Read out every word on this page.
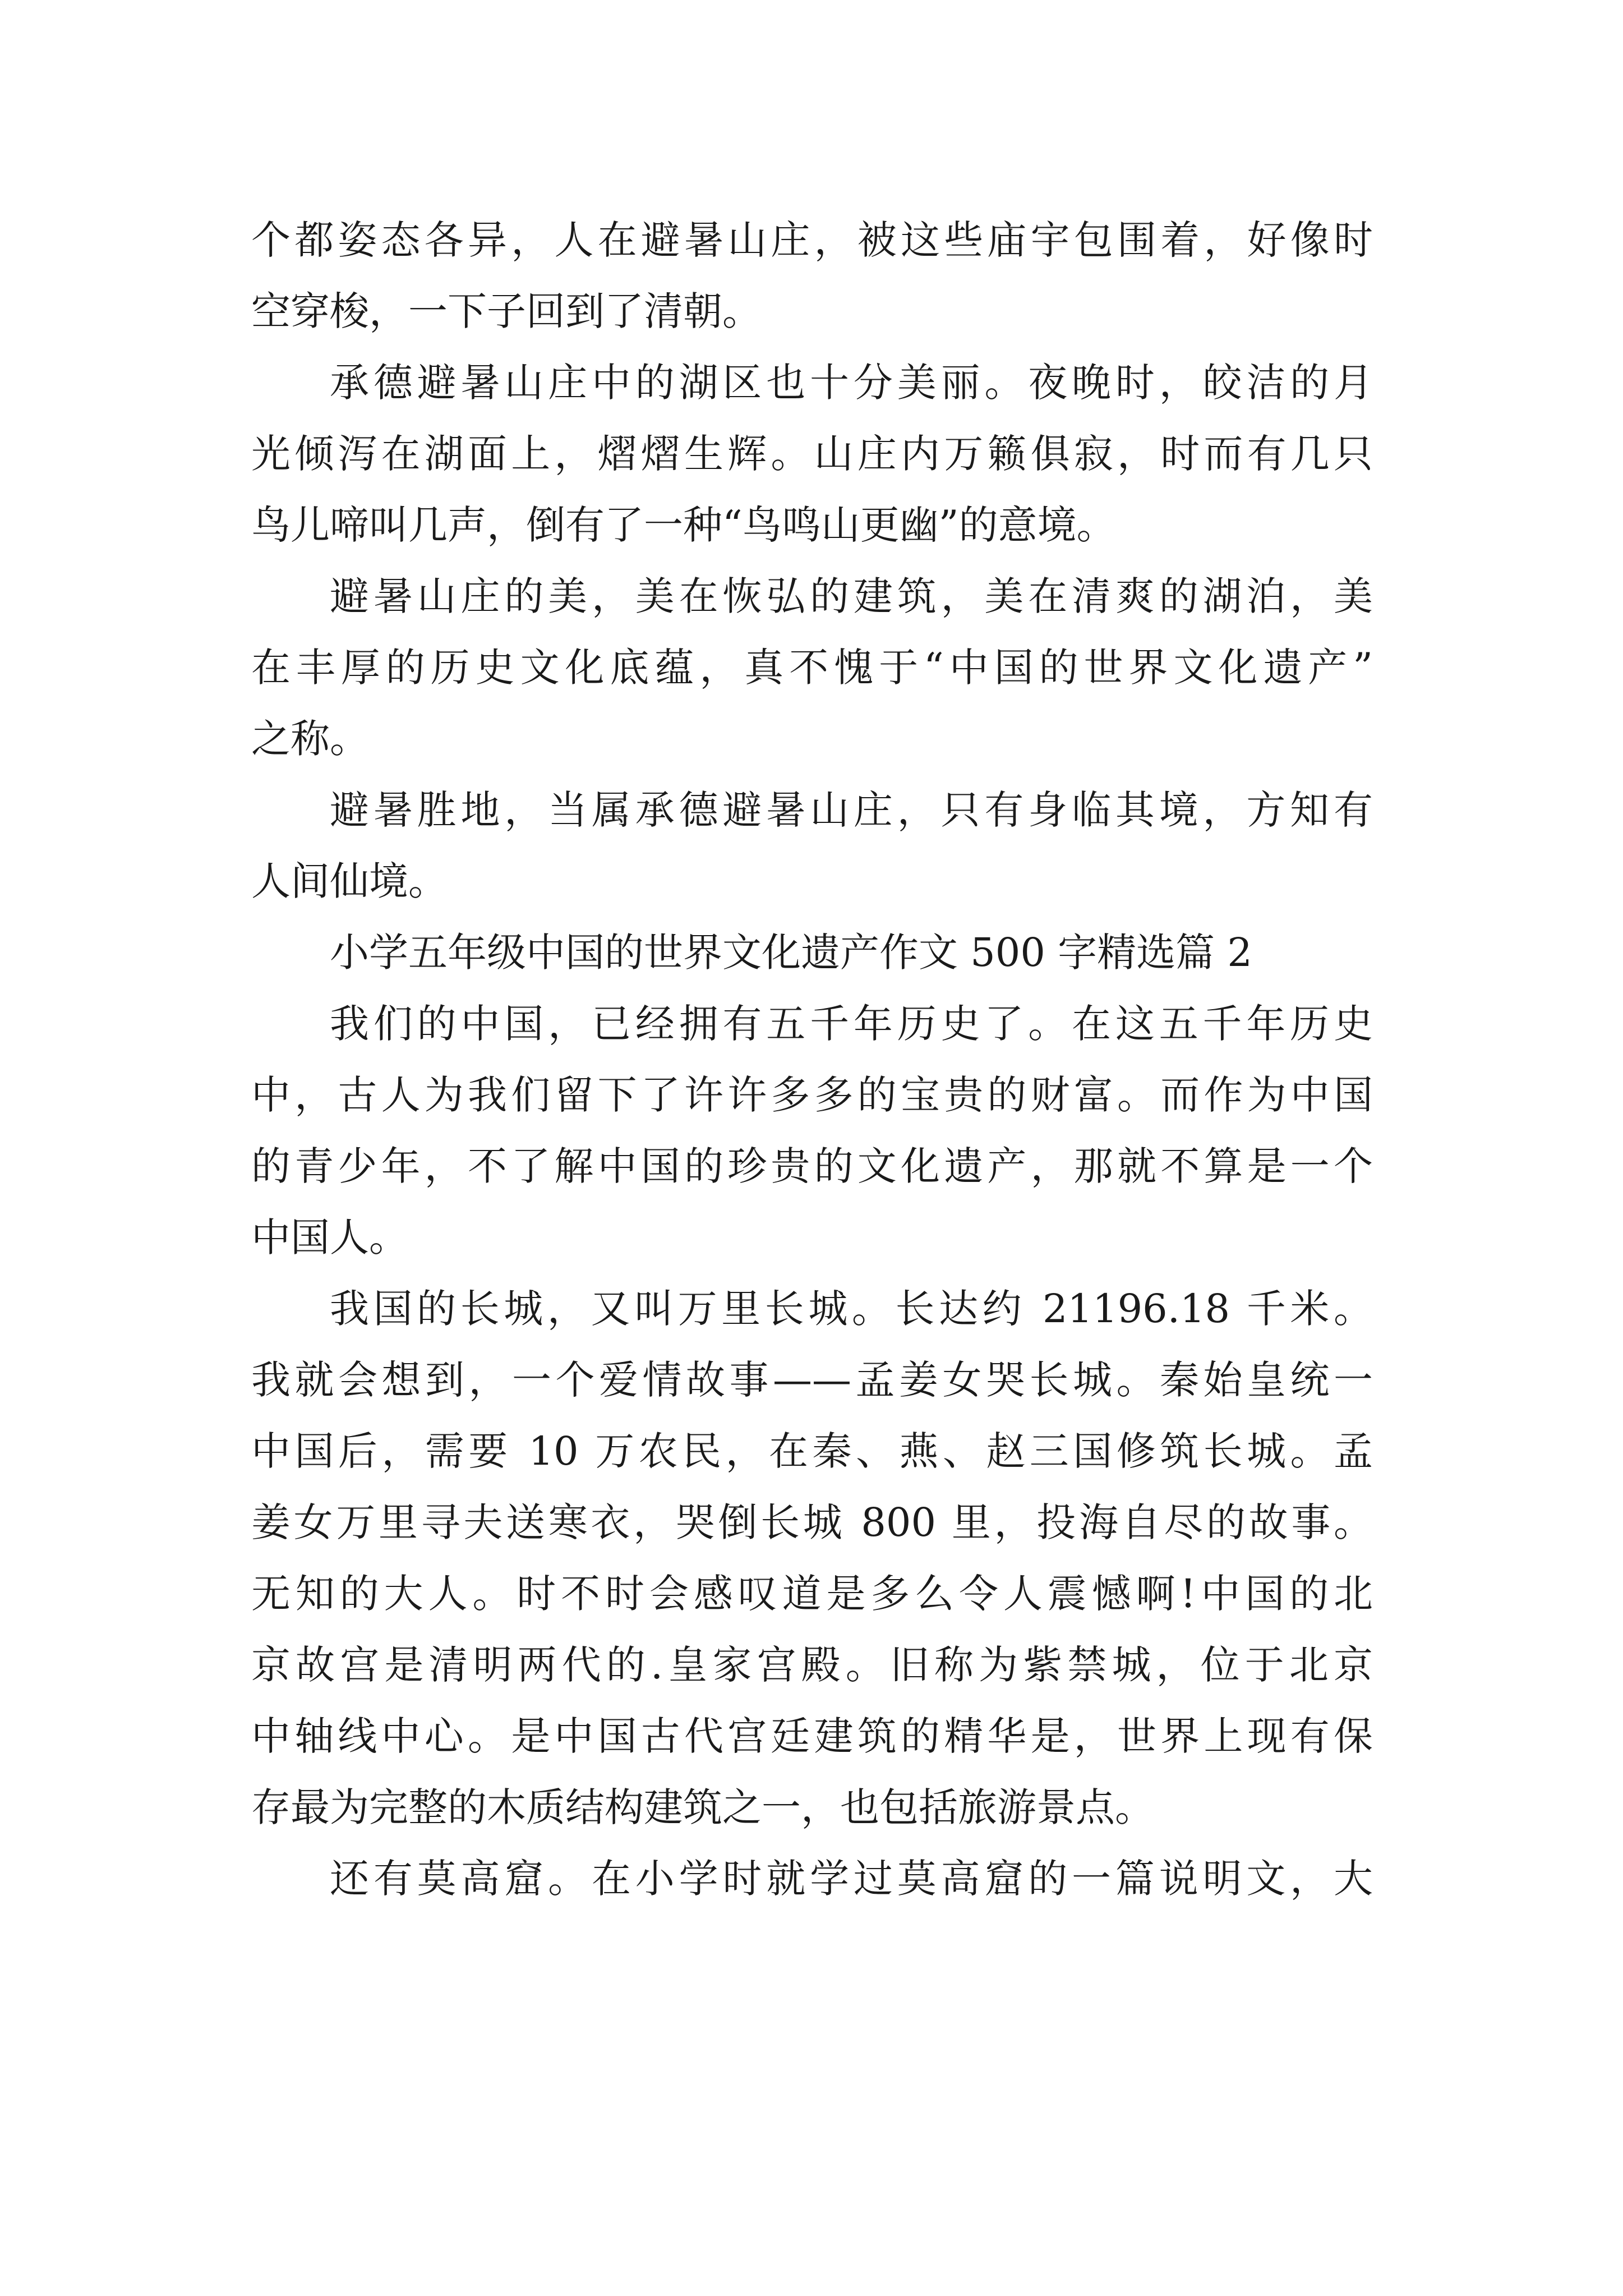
个都姿态各异，人在避暑山庄，被这些庙宇包围着，好像时
空穿梭，一下子回到了清朝。
承德避暑山庄中的湖区也十分美丽。夜晚时，皎洁的月
光倾泻在湖面上，熠熠生辉。山庄内万籁俱寂，时而有几只
鸟儿啼叫几声，倒有了一种“鸟鸣山更幽”的意境。
避暑山庄的美，美在恢弘的建筑，美在清爽的湖泊，美
在丰厚的历史文化底蕴，真不愧于“中国的世界文化遗产”
之称。
避暑胜地，当属承德避暑山庄，只有身临其境，方知有
人间仙境。
小学五年级中国的世界文化遗产作文 500 字精选篇 2
我们的中国，已经拥有五千年历史了。在这五千年历史
中，古人为我们留下了许许多多的宝贵的财富。而作为中国
的青少年，不了解中国的珍贵的文化遗产，那就不算是一个
中国人。
我国的长城，又叫万里长城。长达约 21196.18 千米。
我就会想到，一个爱情故事——孟姜女哭长城。秦始皇统一
中国后，需要 10 万农民，在秦、燕、赵三国修筑长城。孟
姜女万里寻夫送寒衣，哭倒长城 800 里，投海自尽的故事。
无知的大人。时不时会感叹道是多么令人震憾啊!中国的北
京故宫是清明两代的.皇家宫殿。旧称为紫禁城，位于北京
中轴线中心。是中国古代宫廷建筑的精华是，世界上现有保
存最为完整的木质结构建筑之一，也包括旅游景点。
还有莫高窟。在小学时就学过莫高窟的一篇说明文，大
